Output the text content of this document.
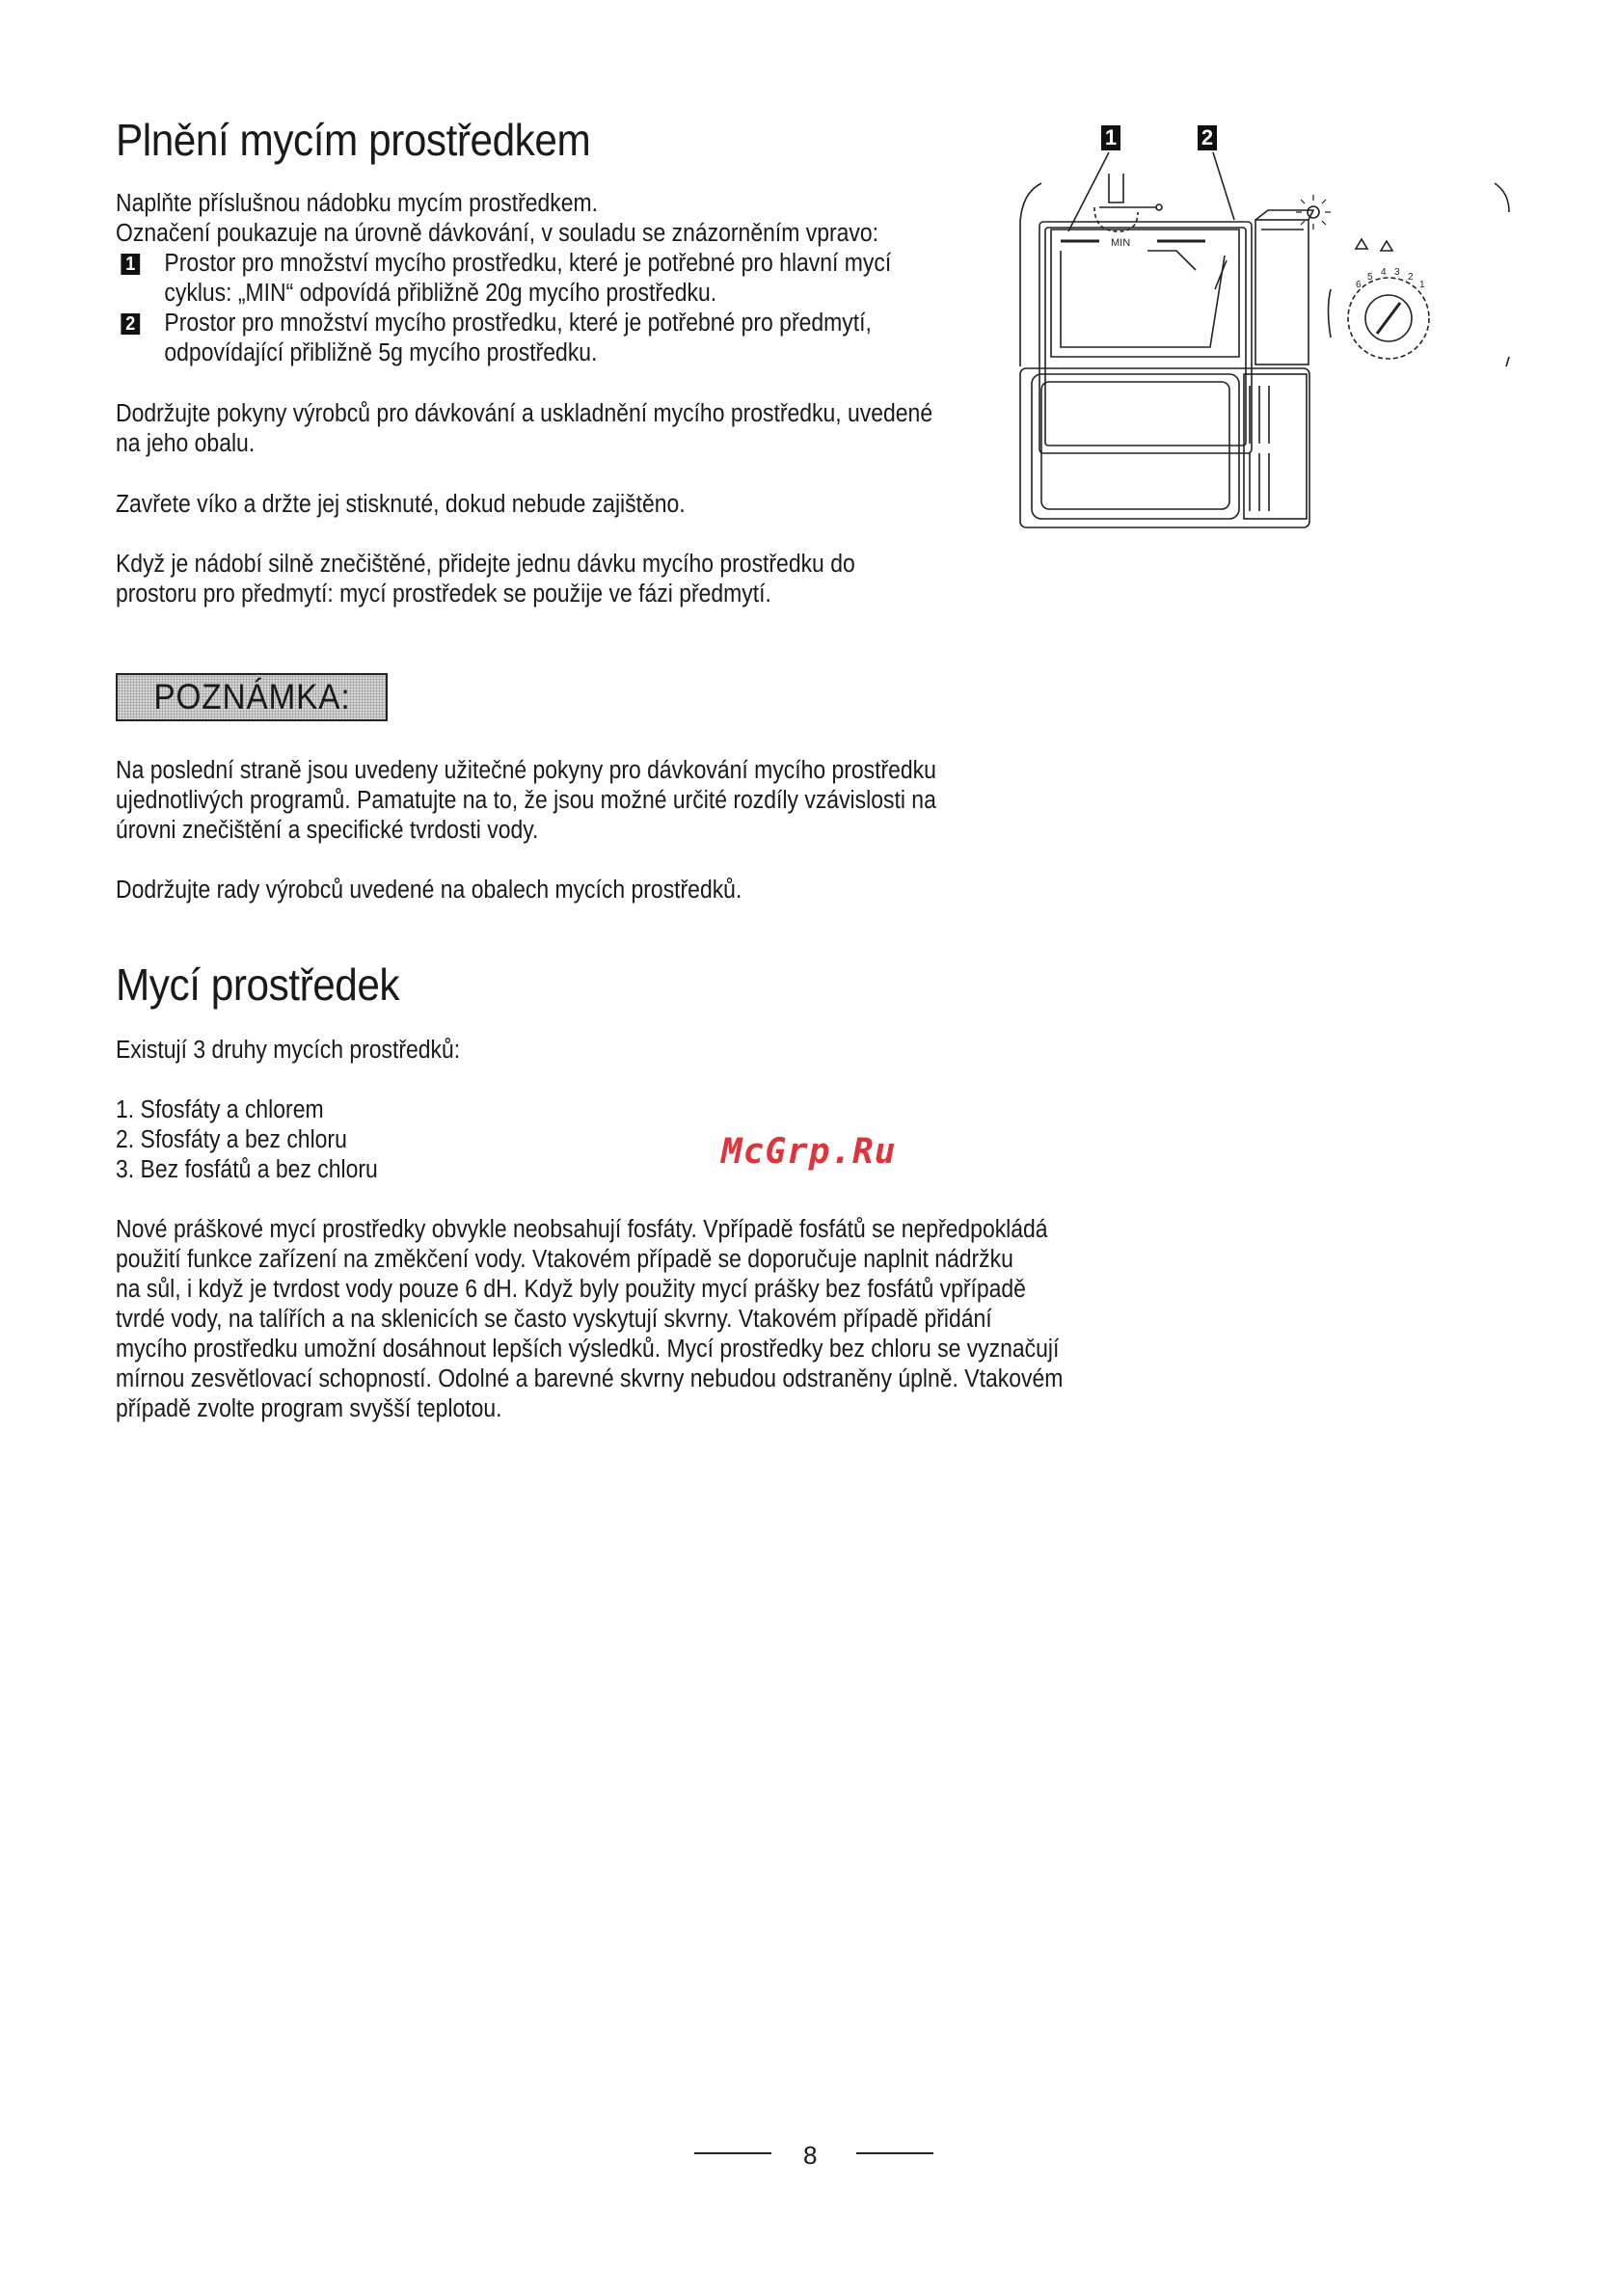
Plnění mycím prostředkem

Naplňte příslušnou nádobku mycím prostředkem.

Označení poukazuje na úrovně dávkování, v souladu se znázorněním vpravo:

1 Prostor pro množství mycího prostředku, které je potřebné pro hlavní mycí
cyklus: „MIN“ odpovídá přibližně 20g mycího prostředku.
2 Prostor pro množství mycího prostředku, které je potřebné pro předmytí,
odpovídající přibližně 5g mycího prostředku.

Dodržujte pokyny výrobců pro dávkování a uskladnění mycího prostředku, uvedené

na jeho obalu.

Zavřete víko a držte jej stisknuté, dokud nebude zajištěno.

Když je nádobí silně znečištěné, přidejte jednu dávku mycího prostředku do

prostoru pro předmytí: mycí prostředek se použije ve fázi předmytí.

1	2
MIN
6
5 4 3 2
1
POZNÁMKA:

Na poslední straně jsou uvedeny užitečné pokyny pro dávkování mycího prostředku

ujednotlivých programů. Pamatujte na to, že jsou možné určité rozdíly vzávislosti na

úrovni znečištění a specifické tvrdosti vody.

Dodržujte rady výrobců uvedené na obalech mycích prostředků.

Mycí prostředek

Existují 3 druhy mycích prostředků:

1. Sfosfáty a chlorem

2. Sfosfáty a bez chloru

3. Bez fosfátů a bez chloru	McGrp.Ru

Nové práškové mycí prostředky obvykle neobsahují fosfáty. Vpřípadě fosfátů se nepředpokládá

použití funkce zařízení na změkčení vody. Vtakovém případě se doporučuje naplnit nádržku

na sůl, i když je tvrdost vody pouze 6 dH. Když byly použity mycí prášky bez fosfátů vpřípadě

tvrdé vody, na talířích a na sklenicích se často vyskytují skvrny. Vtakovém případě přidání

mycího prostředku umožní dosáhnout lepších výsledků. Mycí prostředky bez chloru se vyznačují

mírnou zesvětlovací schopností. Odolné a barevné skvrny nebudou odstraněny úplně. Vtakovém

případě zvolte program svyšší teplotou.

8
